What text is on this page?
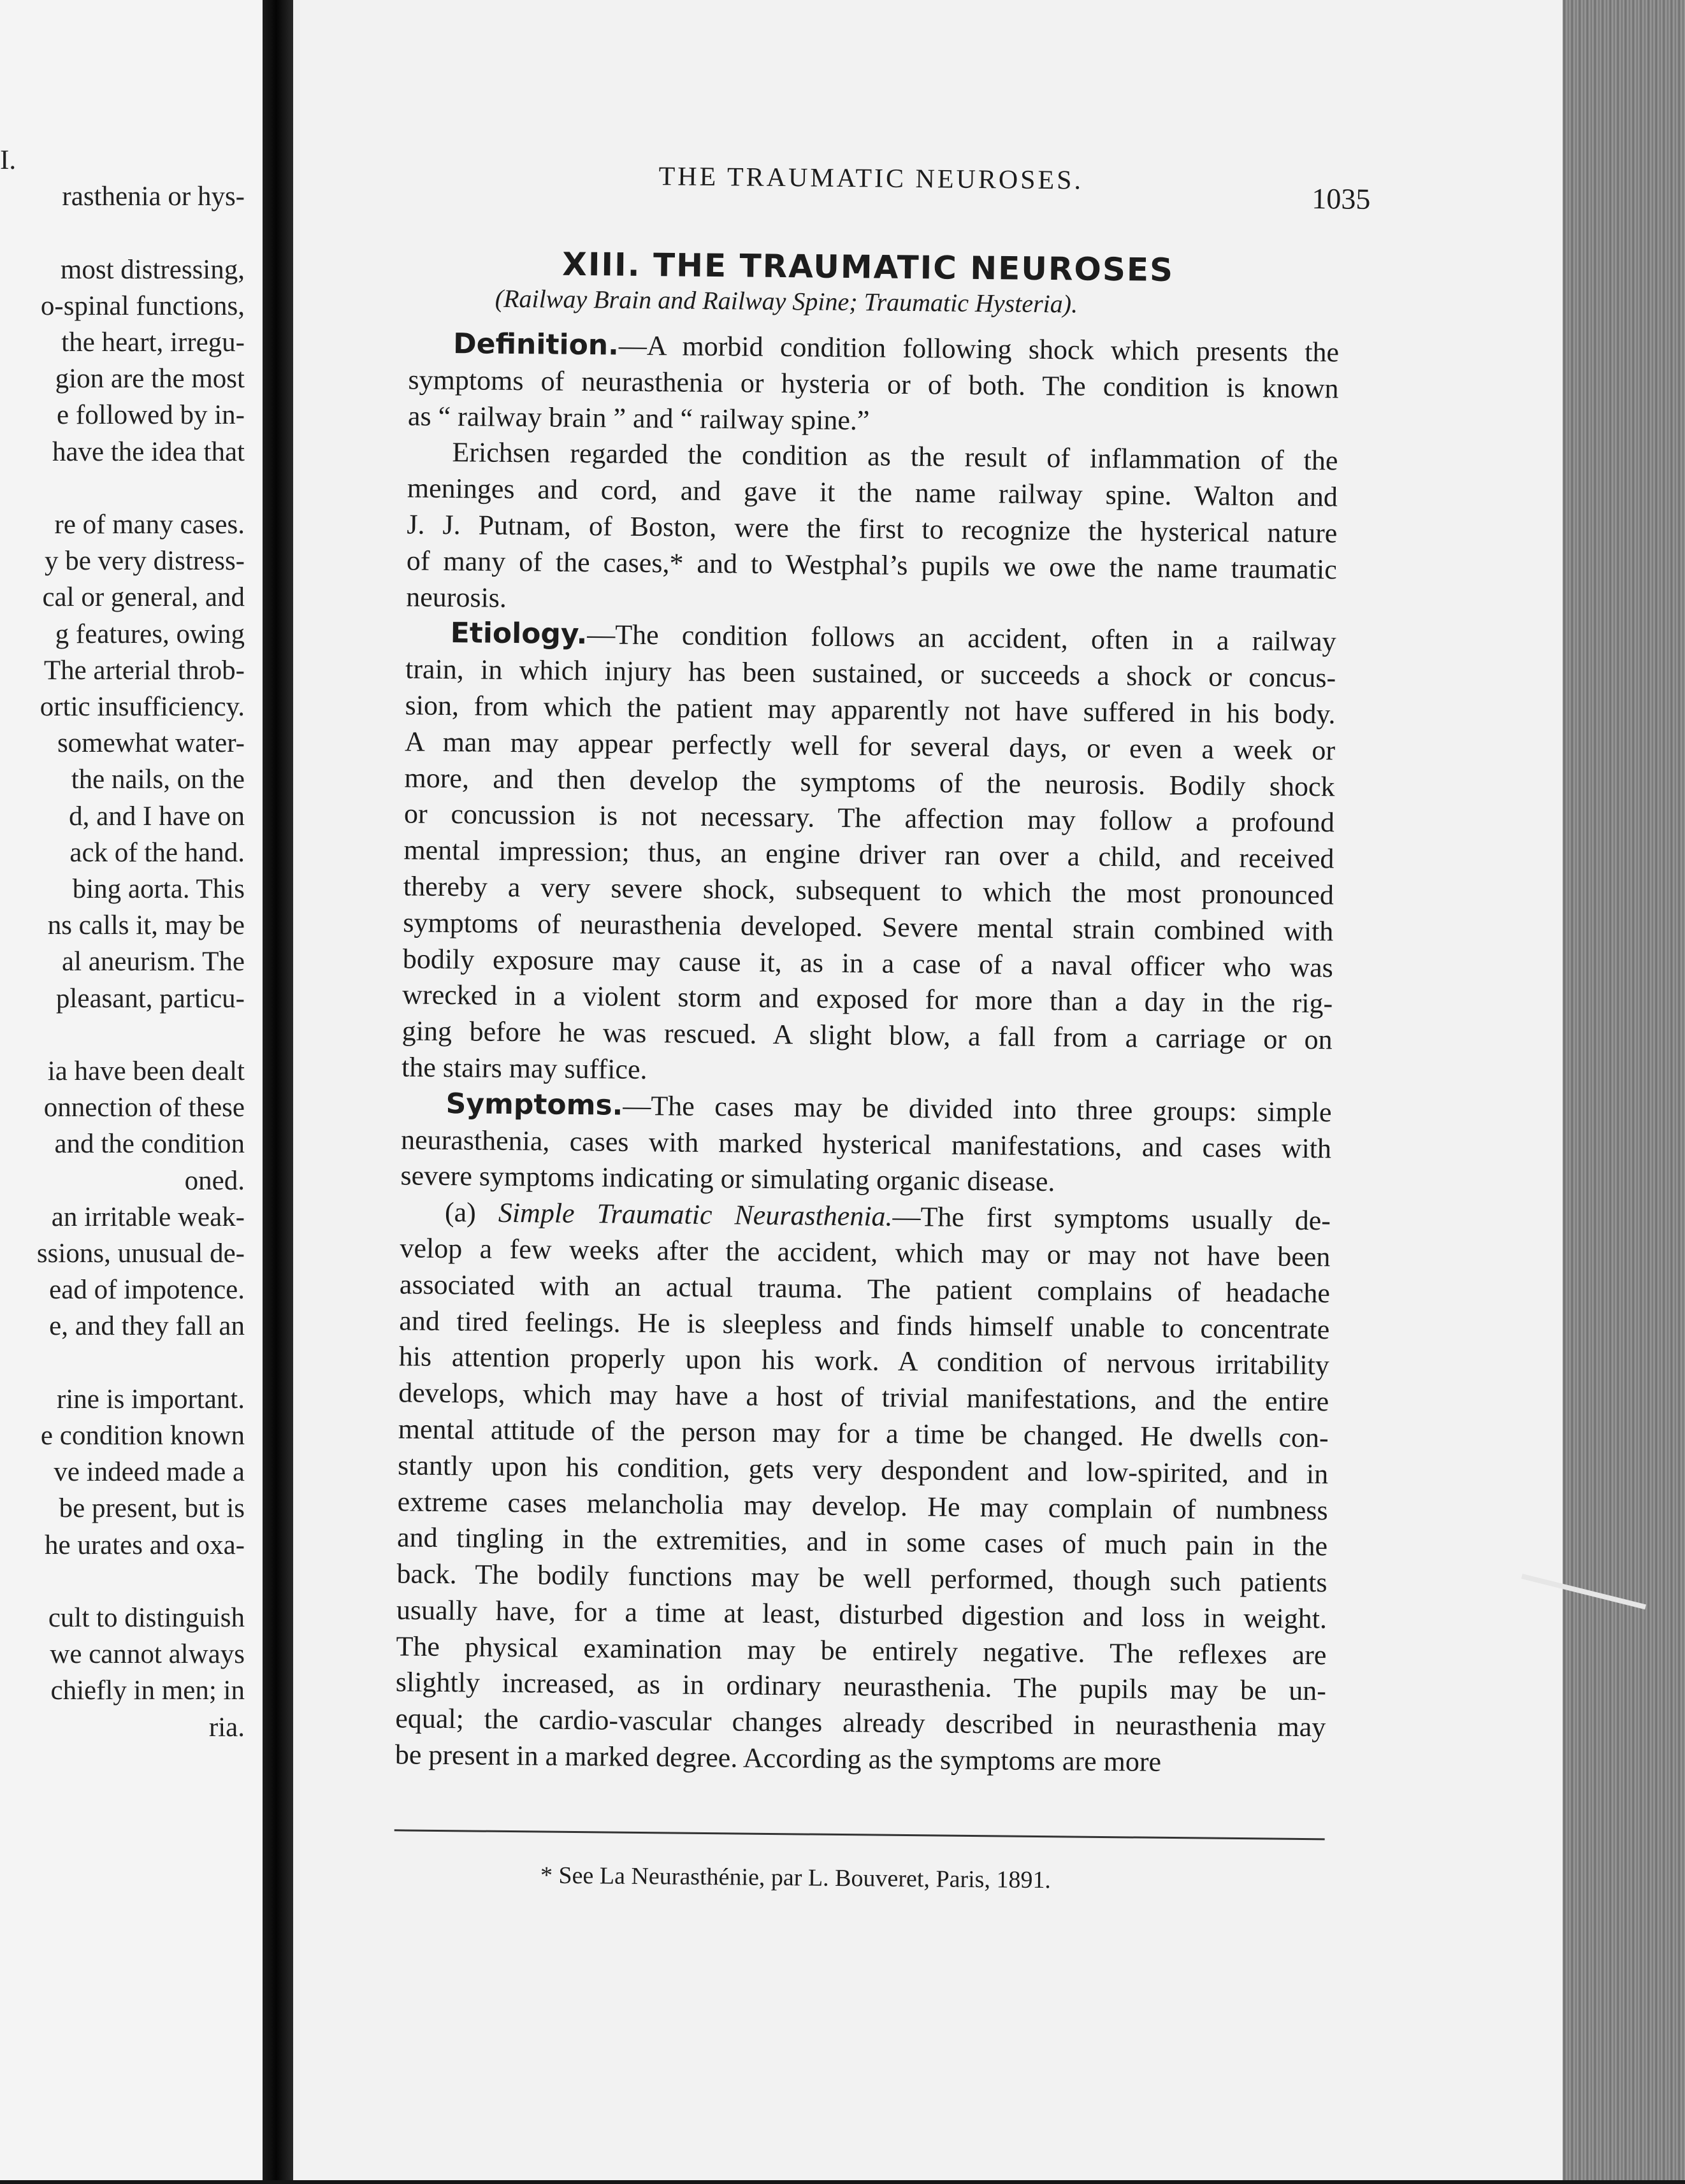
I.
rasthenia or hys-
most distressing,
o-spinal functions,
the heart, irregu-
gion are the most
e followed by in-
have the idea that
re of many cases.
y be very distress-
cal or general, and
g features, owing
The arterial throb-
ortic insufficiency.
somewhat water-
the nails, on the
d, and I have on
ack of the hand.
bing aorta. This
ns calls it, may be
al aneurism. The
pleasant, particu-
ia have been dealt
onnection of these
and the condition
oned.
an irritable weak-
ssions, unusual de-
ead of impotence.
e, and they fall an
rine is important.
e condition known
ve indeed made a
be present, but is
he urates and oxa-
cult to distinguish
we cannot always
chiefly in men; in
ria.
THE TRAUMATIC NEUROSES.
1035
XIII. THE TRAUMATIC NEUROSES
(Railway Brain and Railway Spine; Traumatic Hysteria).
Definition.—A morbid condition following shock which presents the
symptoms of neurasthenia or hysteria or of both. The condition is known
as “ railway brain ” and “ railway spine.”
Erichsen regarded the condition as the result of inflammation of the
meninges and cord, and gave it the name railway spine. Walton and
J. J. Putnam, of Boston, were the first to recognize the hysterical nature
of many of the cases,* and to Westphal’s pupils we owe the name traumatic
neurosis.
Etiology.—The condition follows an accident, often in a railway
train, in which injury has been sustained, or succeeds a shock or concus-
sion, from which the patient may apparently not have suffered in his body.
A man may appear perfectly well for several days, or even a week or
more, and then develop the symptoms of the neurosis. Bodily shock
or concussion is not necessary. The affection may follow a profound
mental impression; thus, an engine driver ran over a child, and received
thereby a very severe shock, subsequent to which the most pronounced
symptoms of neurasthenia developed. Severe mental strain combined with
bodily exposure may cause it, as in a case of a naval officer who was
wrecked in a violent storm and exposed for more than a day in the rig-
ging before he was rescued. A slight blow, a fall from a carriage or on
the stairs may suffice.
Symptoms.—The cases may be divided into three groups: simple
neurasthenia, cases with marked hysterical manifestations, and cases with
severe symptoms indicating or simulating organic disease.
(a) Simple Traumatic Neurasthenia.—The first symptoms usually de-
velop a few weeks after the accident, which may or may not have been
associated with an actual trauma. The patient complains of headache
and tired feelings. He is sleepless and finds himself unable to concentrate
his attention properly upon his work. A condition of nervous irritability
develops, which may have a host of trivial manifestations, and the entire
mental attitude of the person may for a time be changed. He dwells con-
stantly upon his condition, gets very despondent and low-spirited, and in
extreme cases melancholia may develop. He may complain of numbness
and tingling in the extremities, and in some cases of much pain in the
back. The bodily functions may be well performed, though such patients
usually have, for a time at least, disturbed digestion and loss in weight.
The physical examination may be entirely negative. The reflexes are
slightly increased, as in ordinary neurasthenia. The pupils may be un-
equal; the cardio-vascular changes already described in neurasthenia may
be present in a marked degree. According as the symptoms are more
* See La Neurasthénie, par L. Bouveret, Paris, 1891.
